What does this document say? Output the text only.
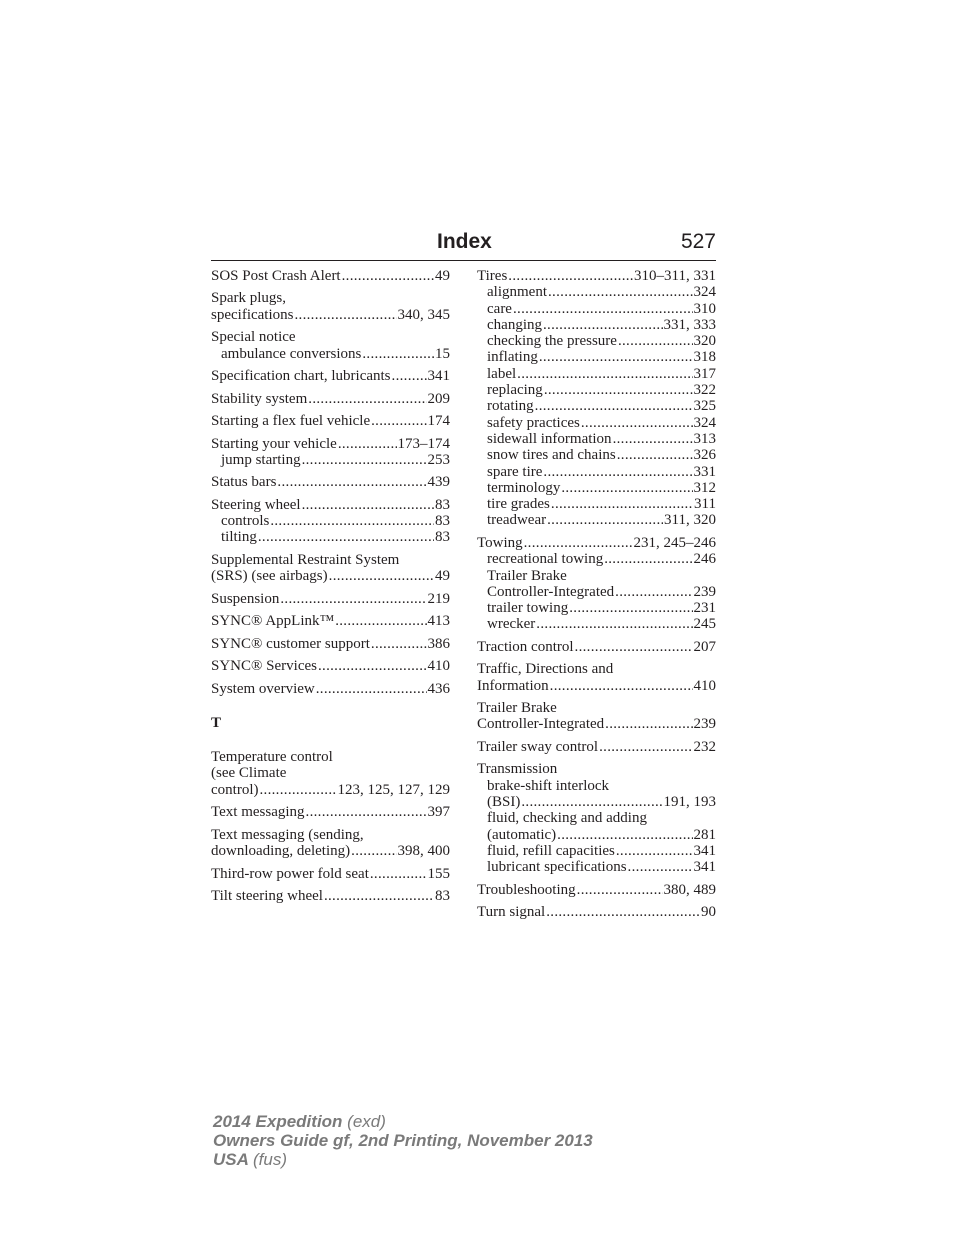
Index	527
SOS Post Crash Alert .....	49
Spark plugs,
specifications .....	340, 345
Special notice
ambulance conversions .....	15
Specification chart, lubricants ..... 341
Stability system .....	209
Starting a flex fuel vehicle .....	174
Starting your vehicle .....	173–174
jump starting .....	253
Status bars .....	439
Steering wheel .....	83
controls .....	83
tilting .....	83
Supplemental Restraint System
(SRS) (see airbags) .....	49
Suspension .....	219
SYNC® AppLink™ .....	413
SYNC® customer support .....	386
SYNC® Services .....	410
System overview .....	436
T
Temperature control
(see Climate
control) .....	123, 125, 127, 129
Text messaging .....	397
Text messaging (sending,
downloading, deleting) .....	398, 400
Third-row power fold seat .....	155
Tilt steering wheel .....	83
Tires .....	310–311, 331
alignment .....	324
care .....	310
changing .....	331, 333
checking the pressure .....	320
inflating .....	318
label .....	317
replacing .....	322
rotating .....	325
safety practices .....	324
sidewall information .....	313
snow tires and chains .....	326
spare tire .....	331
terminology .....	312
tire grades .....	311
treadwear .....	311, 320
Towing .....	231, 245–246
recreational towing .....	246
Trailer Brake
Controller-Integrated .....	239
trailer towing .....	231
wrecker .....	245
Traction control .....	207
Traffic, Directions and
Information .....	410
Trailer Brake
Controller-Integrated .....	239
Trailer sway control .....	232
Transmission
brake-shift interlock
(BSI) .....	191, 193
fluid, checking and adding
(automatic) .....	281
fluid, refill capacities .....	341
lubricant specifications .....	341
Troubleshooting .....	380, 489
Turn signal .....	90
2014 Expedition (exd)
Owners Guide gf, 2nd Printing, November 2013
USA (fus)
